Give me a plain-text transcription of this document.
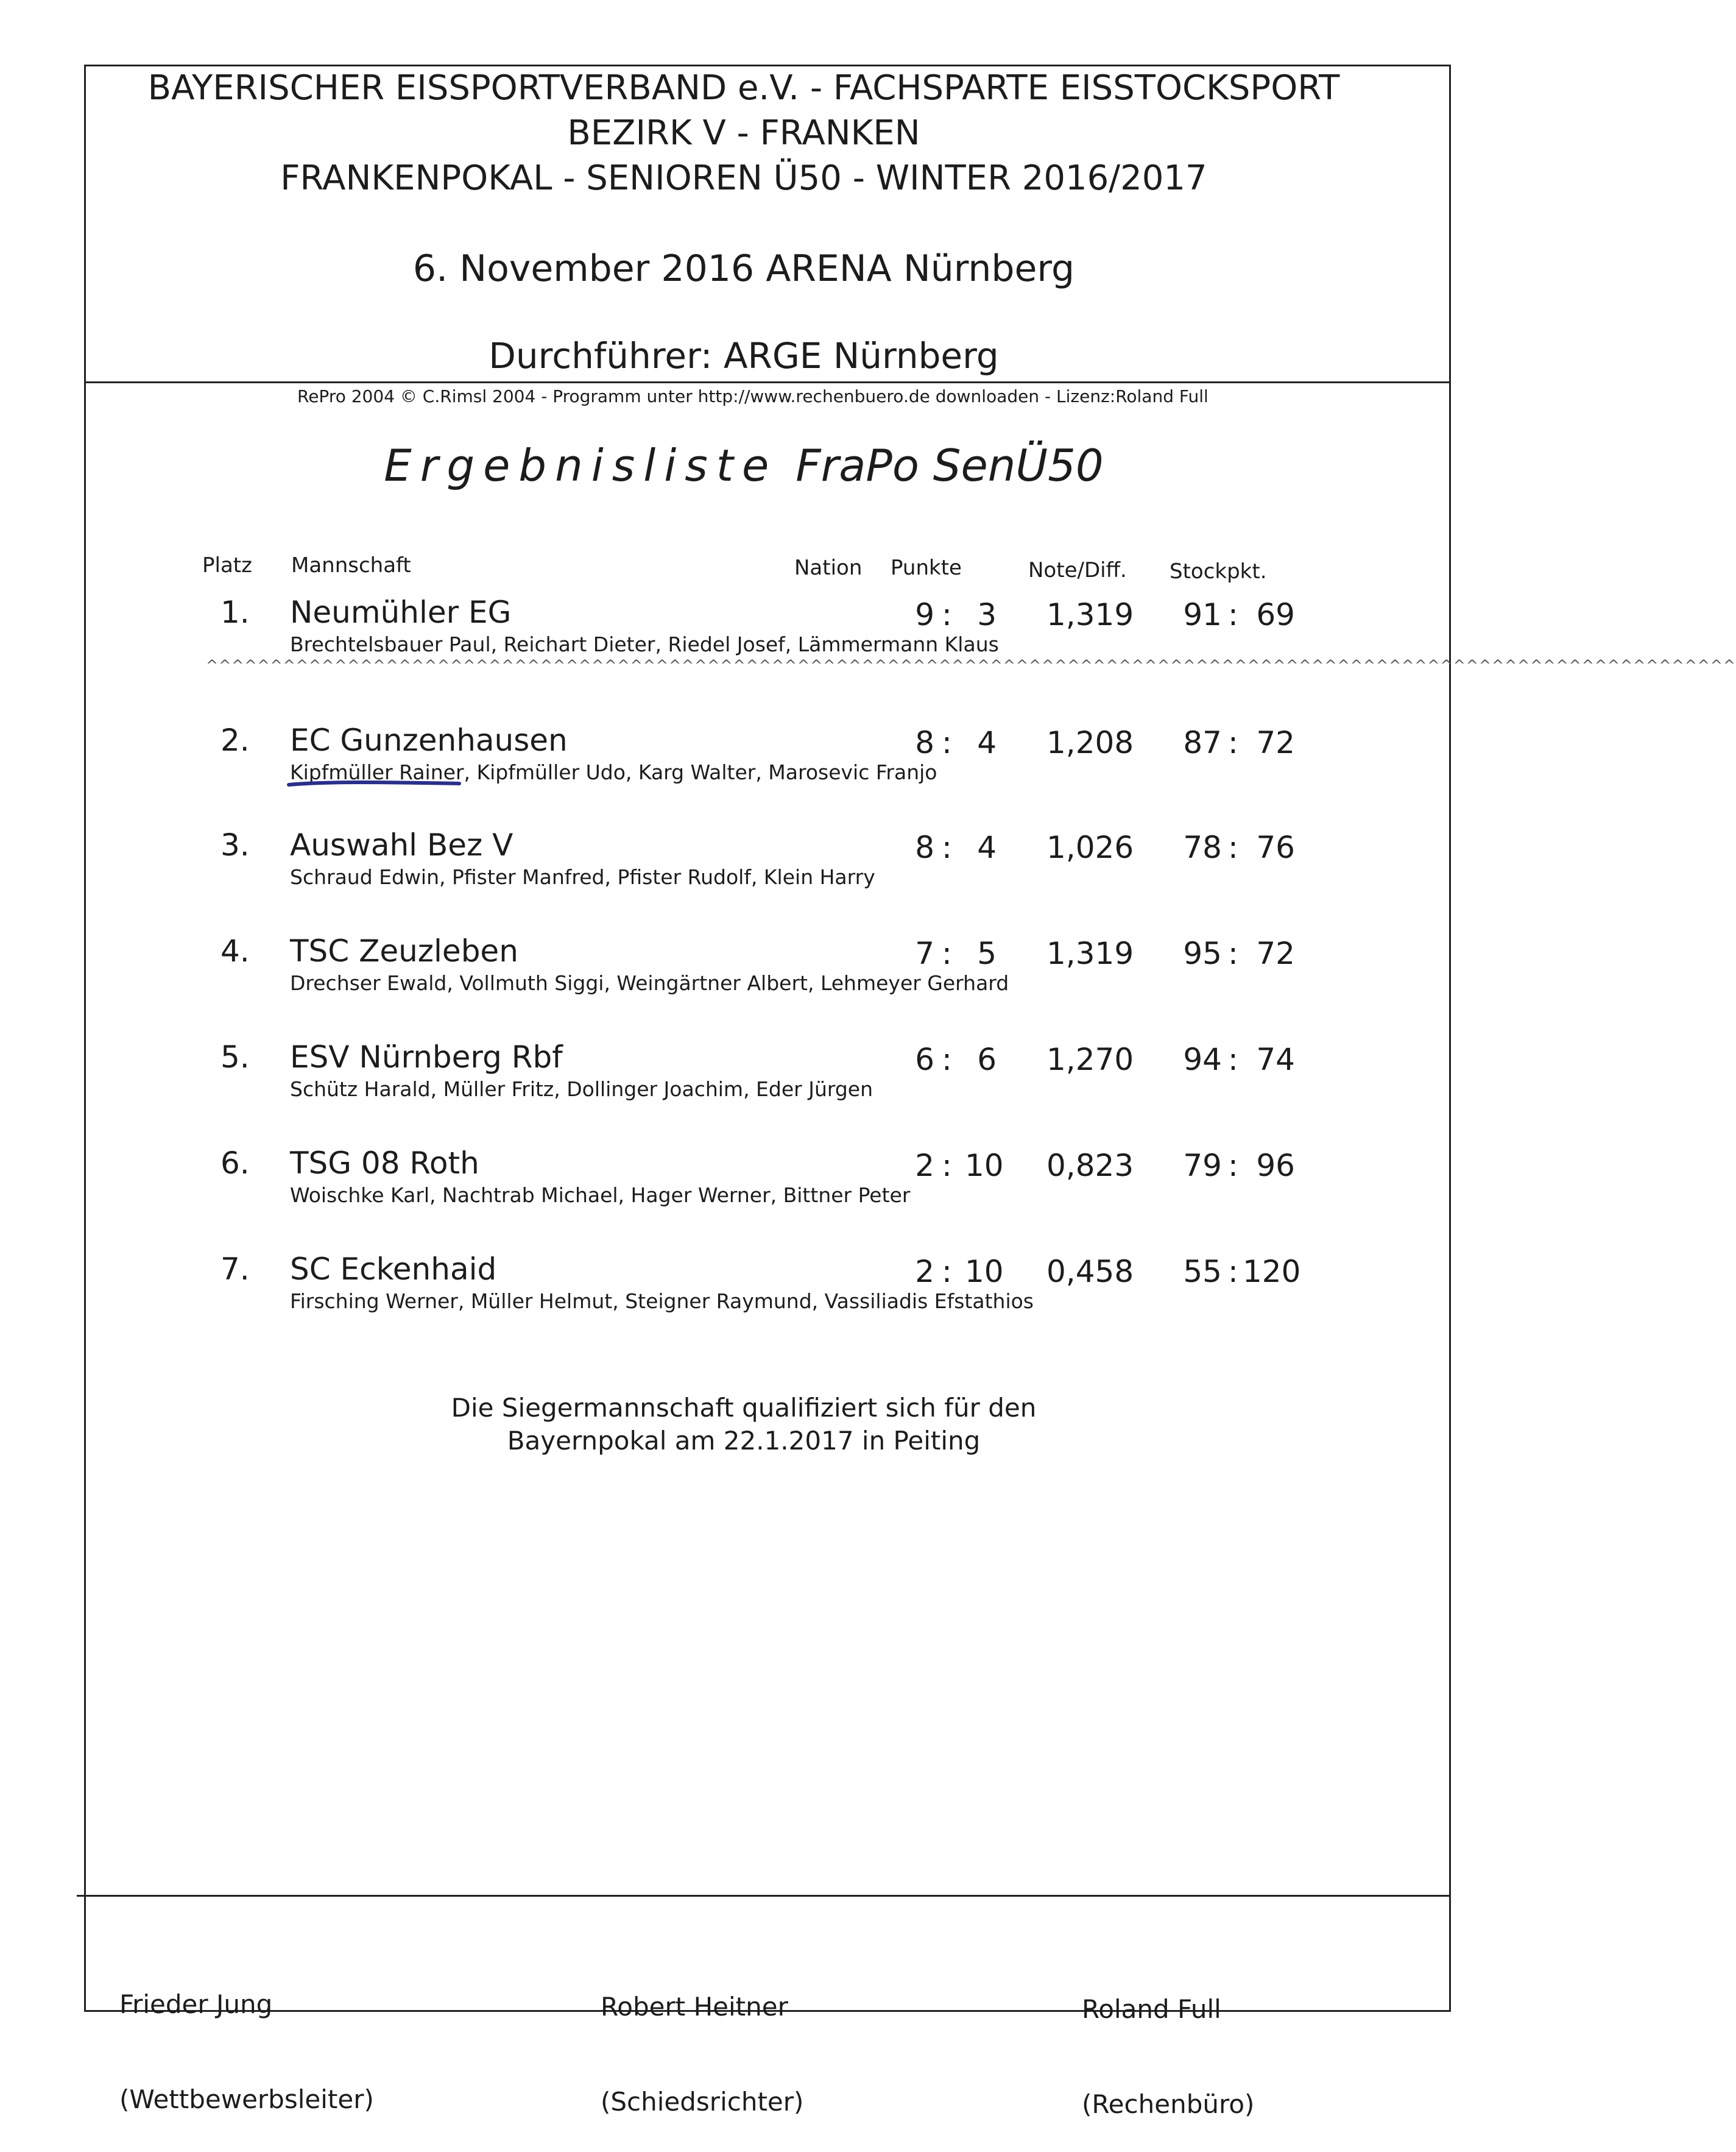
BAYERISCHER EISSPORTVERBAND e.V. - FACHSPARTE EISSTOCKSPORT
BEZIRK V - FRANKEN
FRANKENPOKAL - SENIOREN Ü50 - WINTER 2016/2017
6. November 2016 ARENA Nürnberg
Durchführer: ARGE Nürnberg
RePro 2004 © C.Rimsl 2004 - Programm unter http://www.rechenbuero.de downloaden - Lizenz:Roland Full
Ergebnisliste FraPo SenÜ50
Platz Mannschaft	Nation Punkte	Note/Diff. Stockpkt.
1. Neumühler EG
Brechtelsbauer Paul, Reichart Dieter, Riedel Josef, Lämmermann Klaus
9 : 3 1,319 91 : 69
2. EC Gunzenhausen
Kipfmüller Rainer, Kipfmüller Udo, Karg Walter, Marosevic Franjo
8 : 4 1,208 87 : 72
3. Auswahl Bez V
Schraud Edwin, Pfister Manfred, Pfister Rudolf, Klein Harry
8 : 4 1,026 78 : 76
4. TSC Zeuzleben
Drechser Ewald, Vollmuth Siggi, Weingärtner Albert, Lehmeyer Gerhard
7 : 5 1,319 95 : 72
5. ESV Nürnberg Rbf
Schütz Harald, Müller Fritz, Dollinger Joachim, Eder Jürgen
6 : 6 1,270 94 : 74
6. TSG 08 Roth
Woischke Karl, Nachtrab Michael, Hager Werner, Bittner Peter
2 : 10 0,823 79 : 96
7. SC Eckenhaid
Firsching Werner, Müller Helmut, Steigner Raymund, Vassiliadis Efstathios
2 : 10 0,458 55 : 120
^^^^^^^^^^^^^^^^^^^^^^^^^^^^^^^^^^^^^^^^^^^^^^^^^^^^^^^^^^^^^^^^^^^^^^^^^^^^^^^^^^^^^^^^^^^^^^^^^^^^^^^^^^^^^^^^^^^^^^^
Die Siegermannschaft qualifiziert sich für den
Bayernpokal am 22.1.2017 in Peiting

Frieder Jung

(Wettbewerbsleiter)

Robert Heitner

(Schiedsrichter)

Roland Full

(Rechenbüro)
